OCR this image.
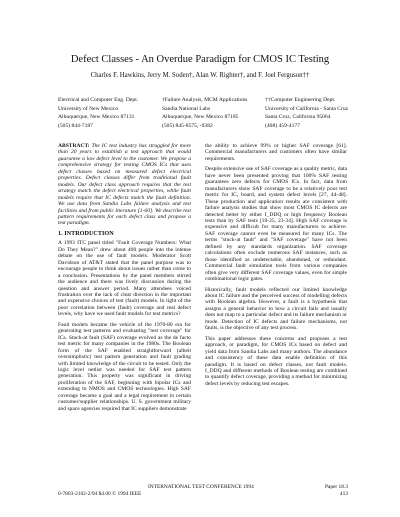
Defect Classes - An Overdue Paradigm for CMOS IC Testing
Charles F. Hawkins, Jerry M. Soden†, Alan W. Righter†, and F. Joel Ferguson††
Electrical and Computer Eng. Dept.
University of New Mexico
Albuquerque, New Mexico 87131
(505) 844-7187
†Failure Analysis, MCM Applications
Sandia National Labs
Albuquerque, New Mexico 87185
(505) 845-8575, -9382
††Computer Engineering Dept.
University of California - Santa Cruz
Santa Cruz, California 95064
(408) 459-4177

ABSTRACT: The IC test industry has struggled for more than 20 years to establish a test approach that would guarantee a low defect level to the customer. We propose a comprehensive strategy for testing CMOS ICs that uses defect classes based on measured defect electrical properties. Defect classes differ from traditional fault models. Our defect class approach requires that the test strategy match the defect electrical properties, while fault models require that IC defects match the fault definition. We use data from Sandia Labs failure analysis and test facilities and from public literature [1-60]. We describe test pattern requirements for each defect class and propose a test paradigm.

1. INTRODUCTION

A 1993 ITC panel titled "Fault Coverage Numbers: What Do They Mean?" drew about 400 people into the intense debate on the use of fault models. Moderator Scott Davidson of AT&T stated that the panel purpose was to encourage people to think about issues rather than come to a conclusion. Presentations by the panel members stirred the audience and there was lively discussion during the question and answer period. Many attendees voiced frustration over the lack of clear direction in the important and expensive choices of test (fault) models. In light of the poor correlation between (fault) coverage and real defect levels, why have we used fault models for test metrics?

Fault models became the vehicle of the 1970-80 era for generating test patterns and evaluating "test coverage" for ICs. Stuck-at fault (SAF) coverage evolved as the de facto test metric for many companies in the 1980s. The Boolean form of the SAF enabled straightforward (albeit oversimplistic) test pattern generation and fault grading with limited knowledge of the circuit to be tested. Only the logic level netlist was needed for SAF test pattern generation. This property was significant in driving proliferation of the SAF, beginning with bipolar ICs and extending to NMOS and CMOS technologies. High SAF coverage became a goal and a legal requirement in certain customer/supplier relationships. U. S. government military and space agencies required that IC suppliers demonstrate

the ability to achieve 99% or higher SAF coverage [61]. Commercial manufacturers and customers often have similar requirements.

Despite extensive use of SAF coverage as a quality metric, data have never been presented proving that 100% SAF testing guarantees zero defects for CMOS ICs. In fact, data from manufacturers show SAF coverage to be a relatively poor test metric for IC, board, and system defect levels [27, 44-48]. These production and application results are consistent with failure analysis studies that show most CMOS IC defects are detected better by either I_DDQ or high frequency Boolean tests than by SAF tests [10-25, 23-34]. High SAF coverage is expensive and difficult for many manufacturers to achieve. SAF coverage cannot even be measured for many ICs. The terms "stuck-at fault" and "SAF coverage" have not been defined by any standards organization. SAF coverage calculations often exclude numerous SAF instances, such as those identified as undetectable, abandoned, or redundant. Commercial fault simulation tools from various companies often give very different SAF coverage values, even for simple combinational logic gates.

Historically, fault models reflected our limited knowledge about IC failure and the perceived success of modelling defects with Boolean algebra. However, a fault is a hypothesis that assigns a general behavior to how a circuit fails and usually does not map to a particular defect and its failure mechanism or mode. Detection of IC defects and failure mechanisms, not faults, is the objective of any test process.

This paper addresses these concerns and proposes a test approach, or paradigm, for CMOS ICs based on defect and yield data from Sandia Labs and many authors. The abundance and consistency of these data enable definition of this paradigm. It is based on defect classes, not fault models. I_DDQ and different methods of Boolean testing are combined to quantify defect coverage, providing a method for minimizing defect levels by reducing test escapes.

INTERNATIONAL TEST CONFERENCE 1994
0-7803-2102-2/94 $4.00 © 1994 IEEE
Paper 18.3
413
